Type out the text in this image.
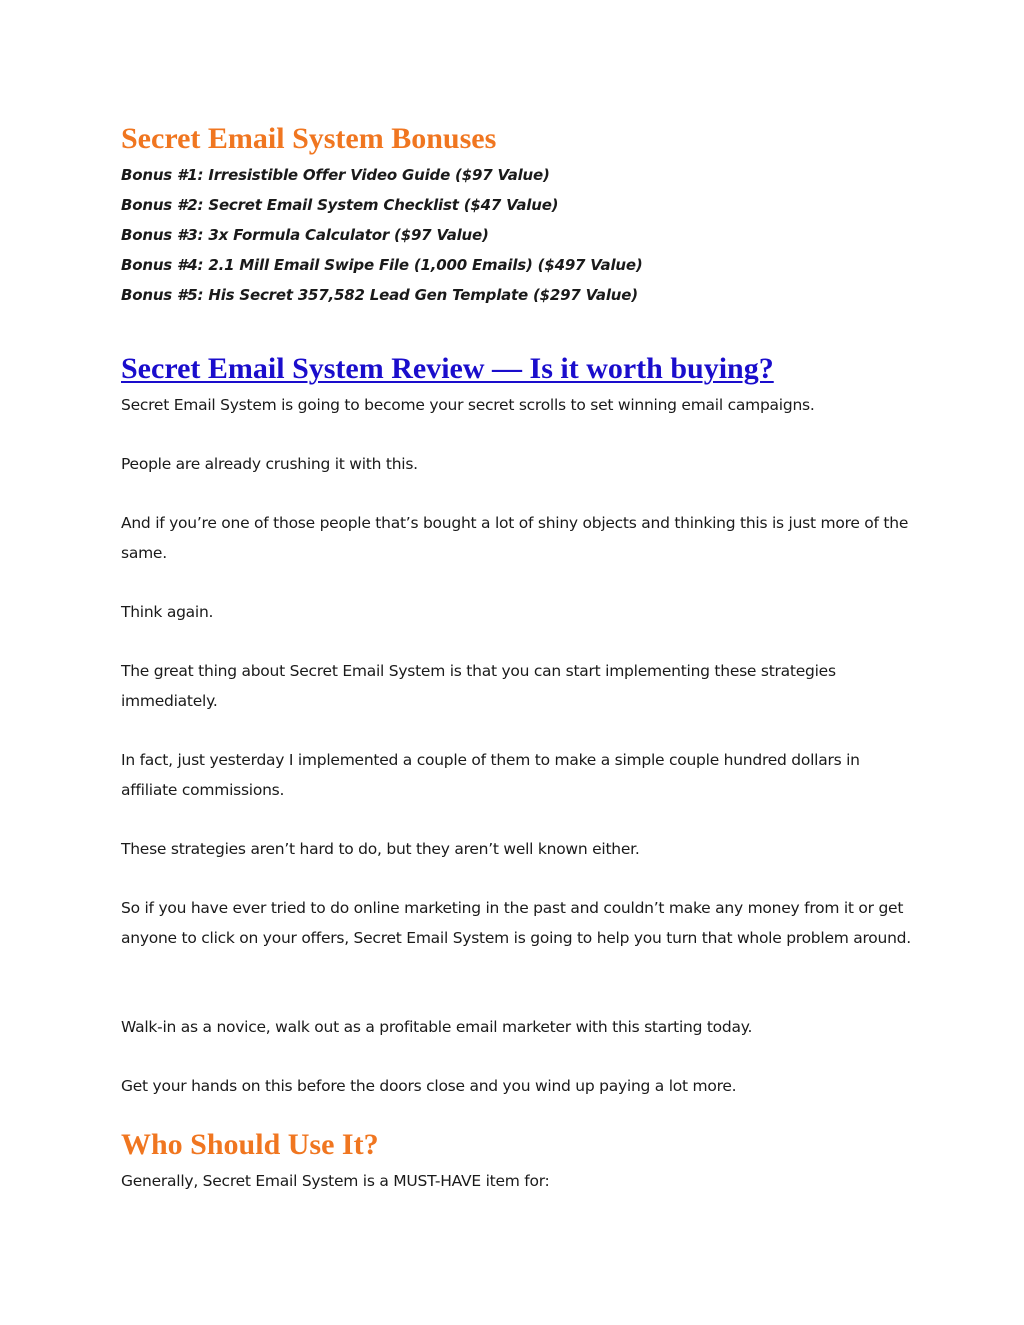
Secret Email System Bonuses

Bonus #1: Irresistible Offer Video Guide ($97 Value)

Bonus #2: Secret Email System Checklist ($47 Value)

Bonus #3: 3x Formula Calculator ($97 Value)

Bonus #4: 2.1 Mill Email Swipe File (1,000 Emails) ($497 Value)

Bonus #5: His Secret 357,582 Lead Gen Template ($297 Value)

Secret Email System Review — Is it worth buying?

Secret Email System is going to become your secret scrolls to set winning email campaigns.

People are already crushing it with this.

And if you’re one of those people that’s bought a lot of shiny objects and thinking this is just more of the same.

Think again.

The great thing about Secret Email System is that you can start implementing these strategies immediately.

In fact, just yesterday I implemented a couple of them to make a simple couple hundred dollars in affiliate commissions.

These strategies aren’t hard to do, but they aren’t well known either.

So if you have ever tried to do online marketing in the past and couldn’t make any money from it or get anyone to click on your offers, Secret Email System is going to help you turn that whole problem around.

Walk-in as a novice, walk out as a profitable email marketer with this starting today.

Get your hands on this before the doors close and you wind up paying a lot more.

Who Should Use It?

Generally, Secret Email System is a MUST-HAVE item for:
